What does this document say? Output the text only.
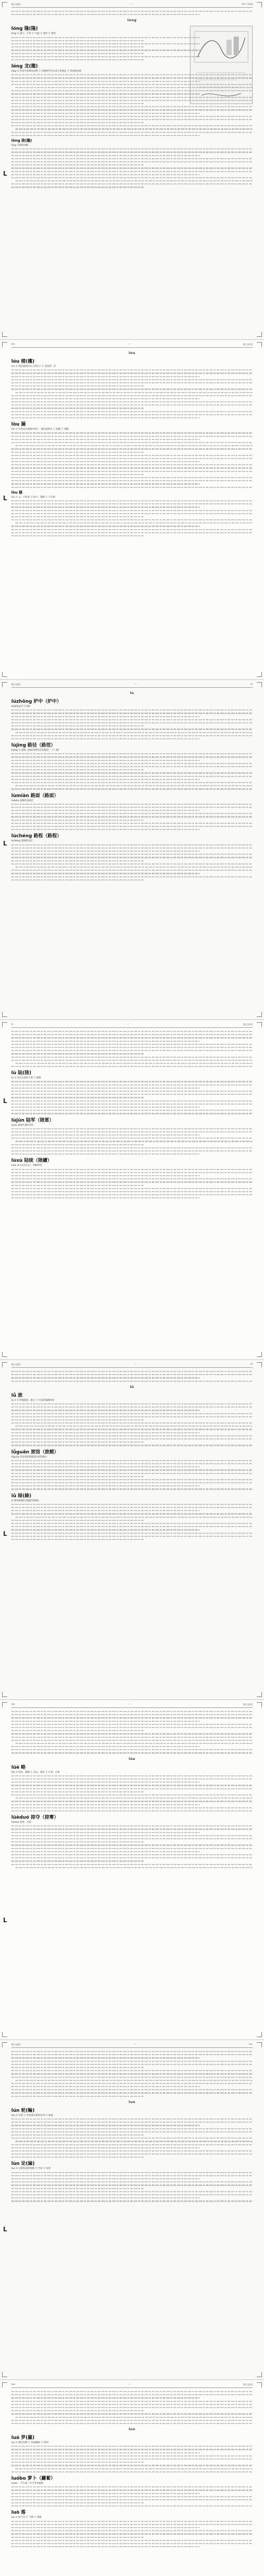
格言谚语	—	luo—long
long
lóng 隆(隆)
lóng ① 盛大；丰厚 ② 兴盛 ③ 深厚 ④ 尊崇
lóng 龙(龍)
lóng ① 传说中的神异动物 ② 封建时代作为帝王的象征 ③ 形状像龙的
lǒng 陇(隴)
lǒng 甘肃的别称
L
lou	—	格言谚语
lou
lóu 楼(樓)
lóu ① 两层或两层以上的房子 ② 房屋的一层
lòu 漏
lòu ① 东西从孔或缝中滴下、透出或掉出 ② 泄露 ③ 遗漏
lòu 陋
lòu ① 丑；不好看 ② 狭小；简陋 ③ 不文明
L
格言谚语	—	lu
lu
lúzhōng 炉中（炉中）
lúzhōng 炉子里面
lùjìng 路径（路徑）
lùjìng ① 道路（指如何到达目的地说） ② 门路
lùmiàn 路面（路面）
lùmiàn 道路的表面层
lùchéng 路程（路程）
lùchéng 道路的远近
L
lu	—	格言谚语
lù 陆(陸)
lù ① 高出水面的土地 ② 陆路
lùjūn 陆军（陸軍）
lùjūn 陆地作战的军队
lùxù 陆续（陸續）
lùxù 表示先先后后，时断时续
L
格言谚语	—	lü
lü
lǚ 旅
lǚ ① 在外地做客；旅行 ② 军队的编制单位
lǚguǎn 旅馆（旅館）
lǚguǎn 营业性的供旅客住宿的地方
lǜ 绿(綠)
lǜ 像草和树叶茂盛时的颜色
L
lüe	—	格言谚语
lüe
lüè 略
lüè ① 简单；稍微 ② 省去；简化 ③ 计划；计谋
lüèduó 掠夺（掠奪）
lüèduó 抢劫；夺取
L
格言谚语	—	lun
lun
lún 轮(輪)
lún ① 车轮 ② 形状像车轮的东西 ③ 轮流
lùn 论(論)
lùn ① 分析和说明事理 ② 学说 ③ 看待
L
luo	—	格言谚语
luo
luó 罗(羅)
luó ① 捕鸟的网 ② 张网捕捉 ③ 陈列
luóbo 萝卜（蘿蔔）
luóbo 一年生或二年生草本植物
luò 落
luò ① 掉下来 ② 下降 ③ 衰败
